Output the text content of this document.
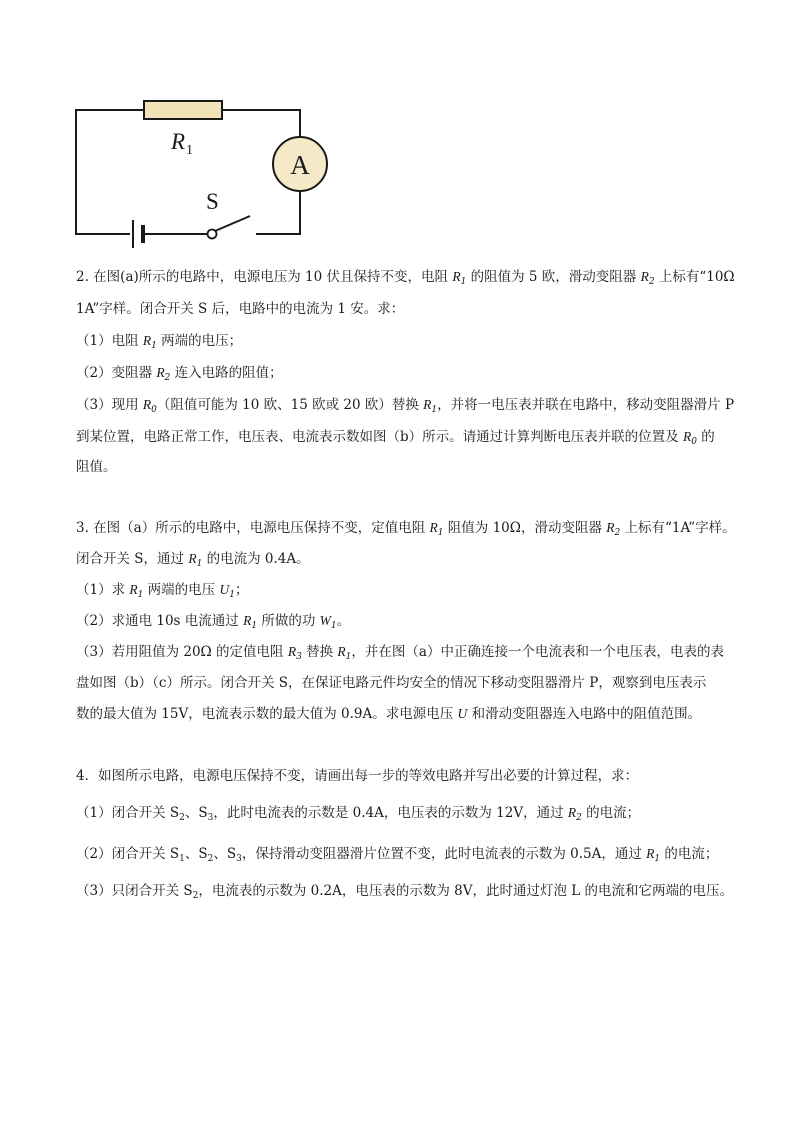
A
R 1
S
2. 在图(a)所示的电路中，电源电压为 10 伏且保持不变，电阻 $R_1$ 的阻值为 5 欧，滑动变阻器 $R_2$ 上标有“10Ω
1A”字样。闭合开关 S 后，电路中的电流为 1 安。求：
（1）电阻 $R_1$ 两端的电压；
（2）变阻器 $R_2$ 连入电路的阻值；
（3）现用 $R_0$（阻值可能为 10 欧、15 欧或 20 欧）替换 $R_1$，并将一电压表并联在电路中，移动变阻器滑片 P
到某位置，电路正常工作，电压表、电流表示数如图（b）所示。请通过计算判断电压表并联的位置及 $R_0$ 的
阻值。
3. 在图（a）所示的电路中，电源电压保持不变，定值电阻 $R_1$ 阻值为 10Ω，滑动变阻器 $R_2$ 上标有“1A”字样。
闭合开关 S，通过 $R_1$ 的电流为 0.4A。
（1）求 $R_1$ 两端的电压 $U_1$；
（2）求通电 10s 电流通过 $R_1$ 所做的功 $W_1$。
（3）若用阻值为 20Ω 的定值电阻 $R_3$ 替换 $R_1$，并在图（a）中正确连接一个电流表和一个电压表，电表的表
盘如图（b）（c）所示。闭合开关 S，在保证电路元件均安全的情况下移动变阻器滑片 P，观察到电压表示
数的最大值为 15V，电流表示数的最大值为 0.9A。求电源电压 U 和滑动变阻器连入电路中的阻值范围。
4．如图所示电路，电源电压保持不变，请画出每一步的等效电路并写出必要的计算过程，求：
（1）闭合开关 $S_2$、$S_3$，此时电流表的示数是 0.4A，电压表的示数为 12V，通过 $R_2$ 的电流；
（2）闭合开关 $S_1$、$S_2$、$S_3$，保持滑动变阻器滑片位置不变，此时电流表的示数为 0.5A，通过 $R_1$ 的电流；
（3）只闭合开关 $S_2$，电流表的示数为 0.2A，电压表的示数为 8V，此时通过灯泡 L 的电流和它两端的电压。
